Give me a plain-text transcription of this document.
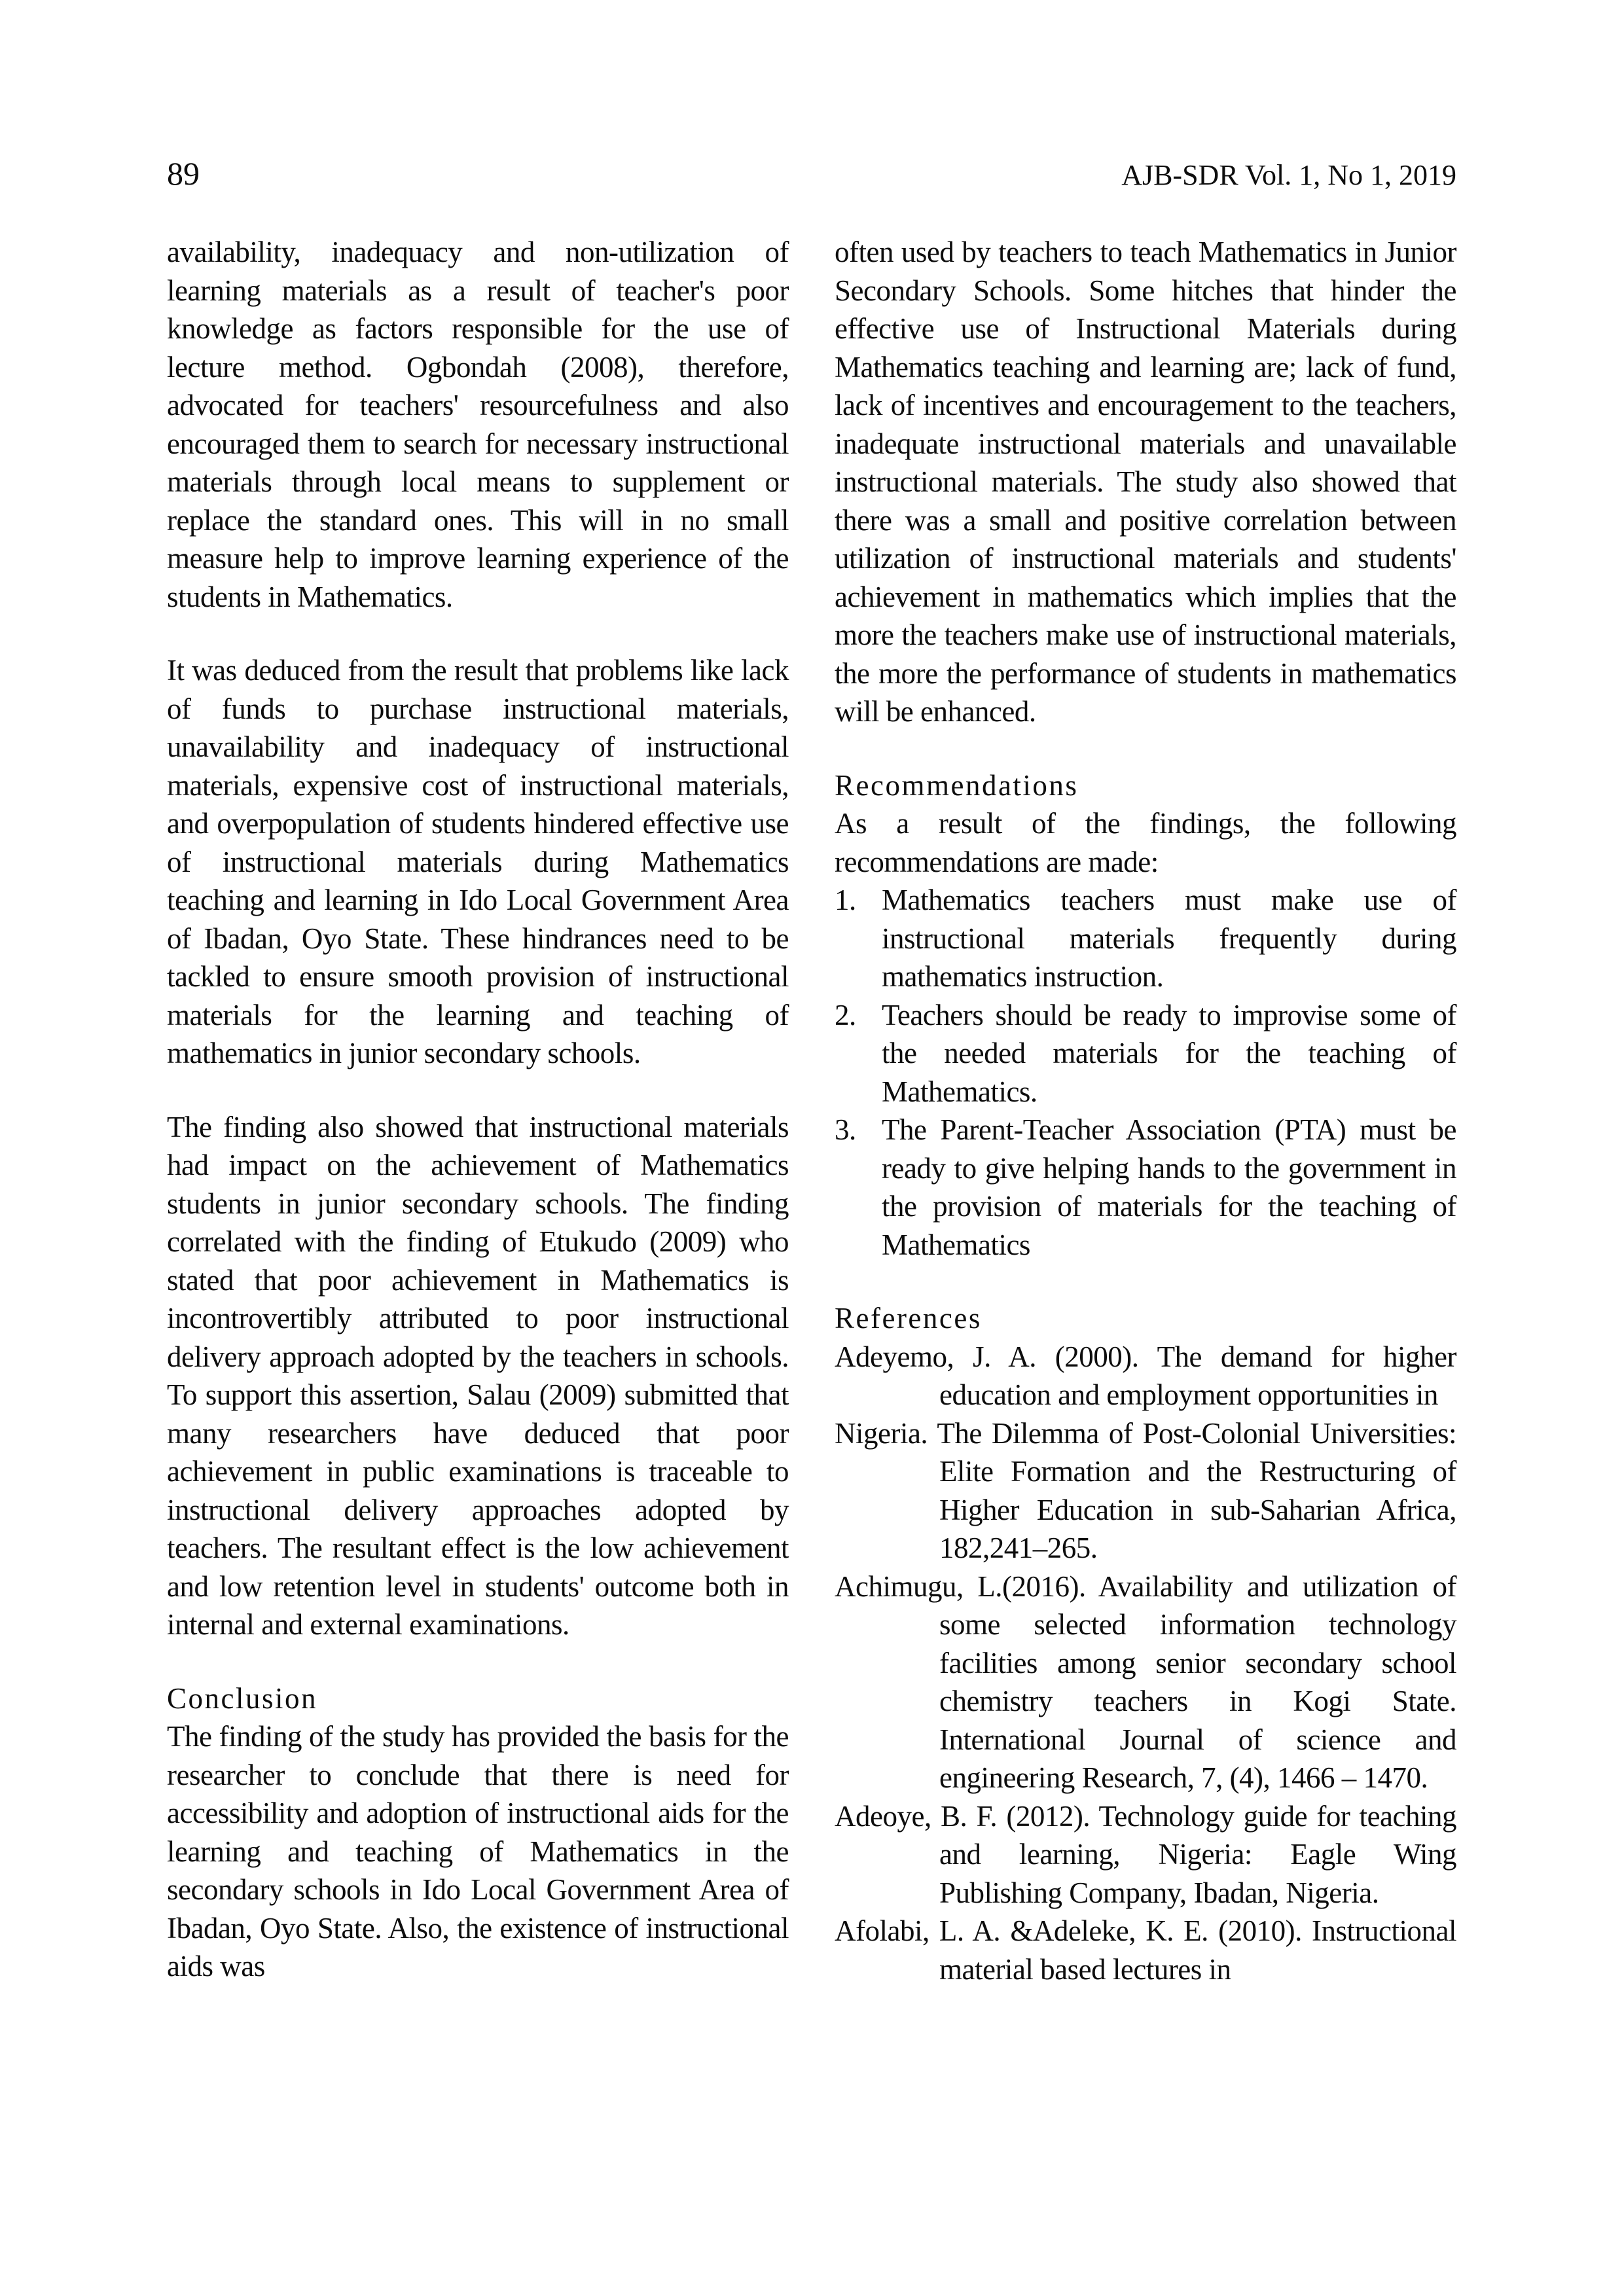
89	AJB-SDR Vol. 1, No 1, 2019

availability, inadequacy and non-utilization of learning materials as a result of teacher's poor knowledge as factors responsible for the use of lecture method. Ogbondah (2008), therefore, advocated for teachers' resourcefulness and also encouraged them to search for necessary instructional materials through local means to supplement or replace the standard ones. This will in no small measure help to improve learning experience of the students in Mathematics.

It was deduced from the result that problems like lack of funds to purchase instructional materials, unavailability and inadequacy of instructional materials, expensive cost of instructional materials, and overpopulation of students hindered effective use of instructional materials during Mathematics teaching and learning in Ido Local Government Area of Ibadan, Oyo State. These hindrances need to be tackled to ensure smooth provision of instructional materials for the learning and teaching of mathematics in junior secondary schools.

The finding also showed that instructional materials had impact on the achievement of Mathematics students in junior secondary schools. The finding correlated with the finding of Etukudo (2009) who stated that poor achievement in Mathematics is incontrovertibly attributed to poor instructional delivery approach adopted by the teachers in schools. To support this assertion, Salau (2009) submitted that many researchers have deduced that poor achievement in public examinations is traceable to instructional delivery approaches adopted by teachers. The resultant effect is the low achievement and low retention level in students' outcome both in internal and external examinations.

Conclusion

The finding of the study has provided the basis for the researcher to conclude that there is need for accessibility and adoption of instructional aids for the learning and teaching of Mathematics in the secondary schools in Ido Local Government Area of Ibadan, Oyo State. Also, the existence of instructional aids was

often used by teachers to teach Mathematics in Junior Secondary Schools. Some hitches that hinder the effective use of Instructional Materials during Mathematics teaching and learning are; lack of fund, lack of incentives and encouragement to the teachers, inadequate instructional materials and unavailable instructional materials. The study also showed that there was a small and positive correlation between utilization of instructional materials and students' achievement in mathematics which implies that the more the teachers make use of instructional materials, the more the performance of students in mathematics will be enhanced.

Recommendations

As a result of the findings, the following recommendations are made:

1. Mathematics teachers must make use of instructional materials frequently during mathematics instruction.
2. Teachers should be ready to improvise some of the needed materials for the teaching of Mathematics.
3. The Parent-Teacher Association (PTA) must be ready to give helping hands to the government in the provision of materials for the teaching of Mathematics
References

Adeyemo, J. A. (2000). The demand for higher education and employment opportunities in

Nigeria. The Dilemma of Post-Colonial Universities: Elite Formation and the Restructuring of Higher Education in sub-Saharian Africa, 182,241–265.

Achimugu, L.(2016). Availability and utilization of some selected information technology facilities among senior secondary school chemistry teachers in Kogi State. International Journal of science and engineering Research, 7, (4), 1466 – 1470.

Adeoye, B. F. (2012). Technology guide for teaching and learning, Nigeria: Eagle Wing Publishing Company, Ibadan, Nigeria.

Afolabi, L. A. &Adeleke, K. E. (2010). Instructional material based lectures in
